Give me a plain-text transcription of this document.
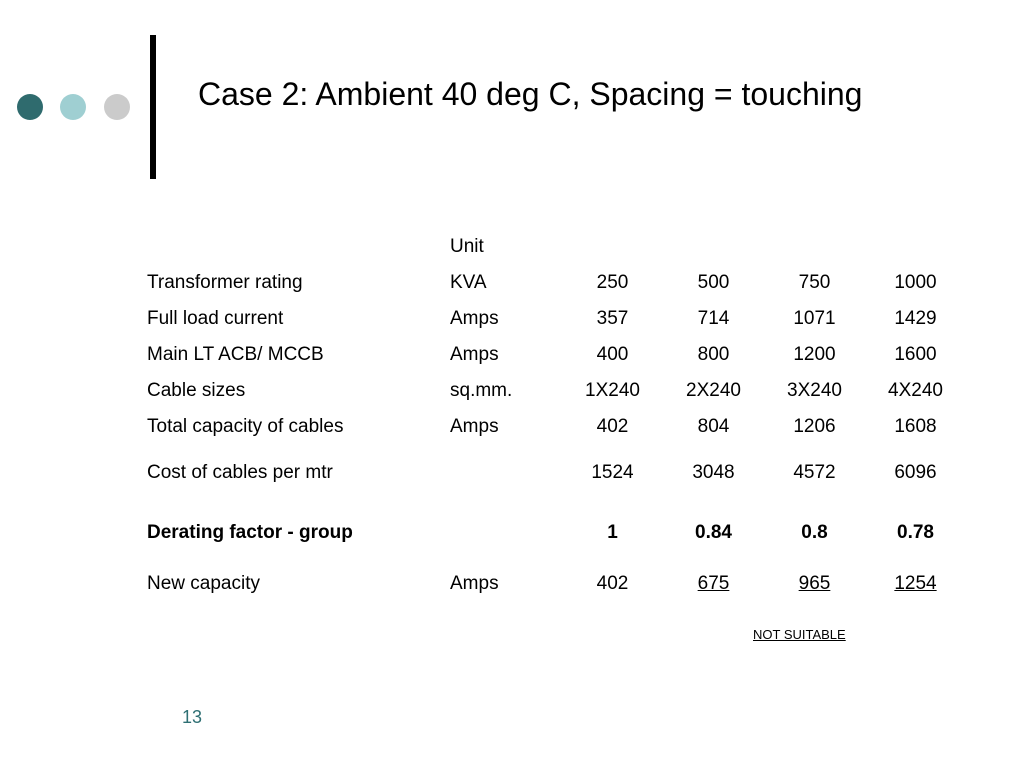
Case 2: Ambient 40 deg C, Spacing = touching
	Unit				
Transformer rating	KVA	250	500	750	1000
Full load current	Amps	357	714	1071	1429
Main LT ACB/ MCCB	Amps	400	800	1200	1600
Cable sizes	sq.mm.	1X240	2X240	3X240	4X240
Total capacity of cables	Amps	402	804	1206	1608
Cost of cables per mtr		1524	3048	4572	6096
Derating factor - group		1	0.84	0.8	0.78
New capacity	Amps	402	675	965	1254
NOT SUITABLE
13
